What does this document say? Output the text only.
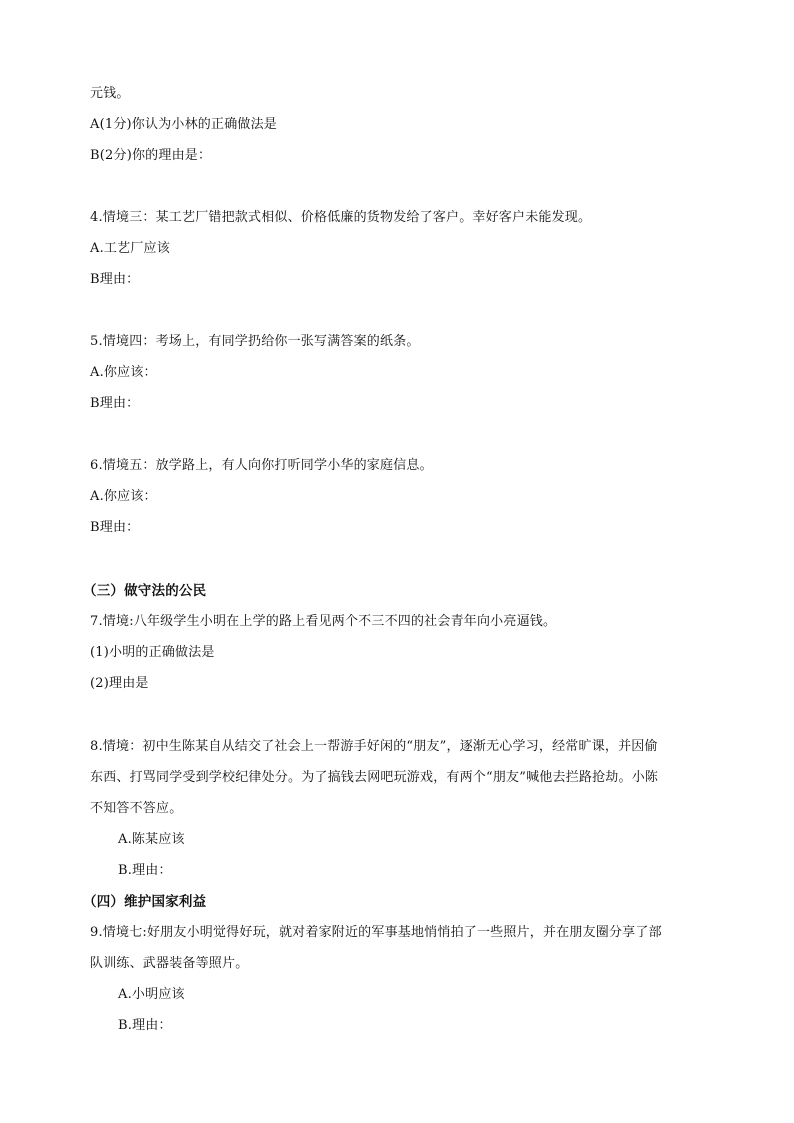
元钱。
A(1分)你认为小林的正确做法是
B(2分)你的理由是：
4.情境三：某工艺厂错把款式相似、价格低廉的货物发给了客户。幸好客户未能发现。
A.工艺厂应该
B理由：
5.情境四：考场上，有同学扔给你一张写满答案的纸条。
A.你应该：
B理由：
6.情境五：放学路上，有人向你打听同学小华的家庭信息。
A.你应该：
B理由：
（三）做守法的公民
7.情境:八年级学生小明在上学的路上看见两个不三不四的社会青年向小亮逼钱。
(1)小明的正确做法是
(2)理由是
8.情境：初中生陈某自从结交了社会上一帮游手好闲的“朋友”，逐渐无心学习，经常旷课，并因偷
东西、打骂同学受到学校纪律处分。为了搞钱去网吧玩游戏，有两个“朋友”喊他去拦路抢劫。小陈
不知答不答应。
A.陈某应该
B.理由：
（四）维护国家利益
9.情境七:好朋友小明觉得好玩，就对着家附近的军事基地悄悄拍了一些照片，并在朋友圈分享了部
队训练、武器装备等照片。
A.小明应该
B.理由：
